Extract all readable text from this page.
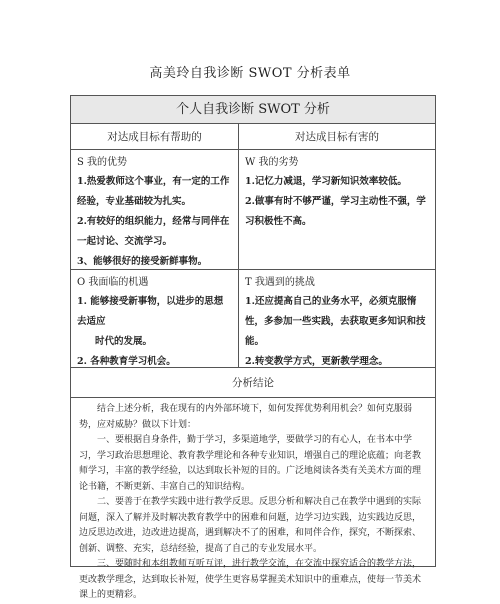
高美玲自我诊断 SWOT 分析表单
个人自我诊断 SWOT 分析
对达成目标有帮助的	对达成目标有害的
S 我的优势

1.热爱教师这个事业，有一定的工作经验，专业基础较为扎实。

2.有较好的组织能力，经常与同伴在一起讨论、交流学习。

3、能够很好的接受新鲜事物。

W 我的劣势

1.记忆力减退，学习新知识效率较低。

2.做事有时不够严谨，学习主动性不强，学习积极性不高。

O 我面临的机遇

1. 能够接受新事物，以进步的思想去适应

时代的发展。

2. 各种教育学习机会。

T 我遇到的挑战

1.还应提高自己的业务水平，必须克服惰性，多参加一些实践，去获取更多知识和技能。

2.转变教学方式，更新教学理念。

分析结论

结合上述分析，我在现有的内外部环境下，如何发挥优势利用机会？如何克服弱势，应对威胁？做以下计划：

一、要根据自身条件，勤于学习，多渠道地学，要做学习的有心人，在书本中学习，学习政治思想理论、教育教学理论和各种专业知识，增强自己的理论底蕴；向老教师学习，丰富的教学经验，以达到取长补短的目的。广泛地阅读各类有关美术方面的理论书籍，不断更新、丰富自己的知识结构。

二、要善于在教学实践中进行教学反思。反思分析和解决自己在教学中遇到的实际问题，深入了解并及时解决教育教学中的困难和问题，边学习边实践，边实践边反思，边反思边改进，边改进边提高，遇到解决不了的困难，和同伴合作，探究，不断探索、创新、调整、充实，总结经验，提高了自己的专业发展水平。

三、要随时和本组教师互听互评，进行教学交流，在交流中探究适合的教学方法，更改教学理念，达到取长补短，使学生更容易掌握美术知识中的重难点，使每一节美术课上的更精彩。
